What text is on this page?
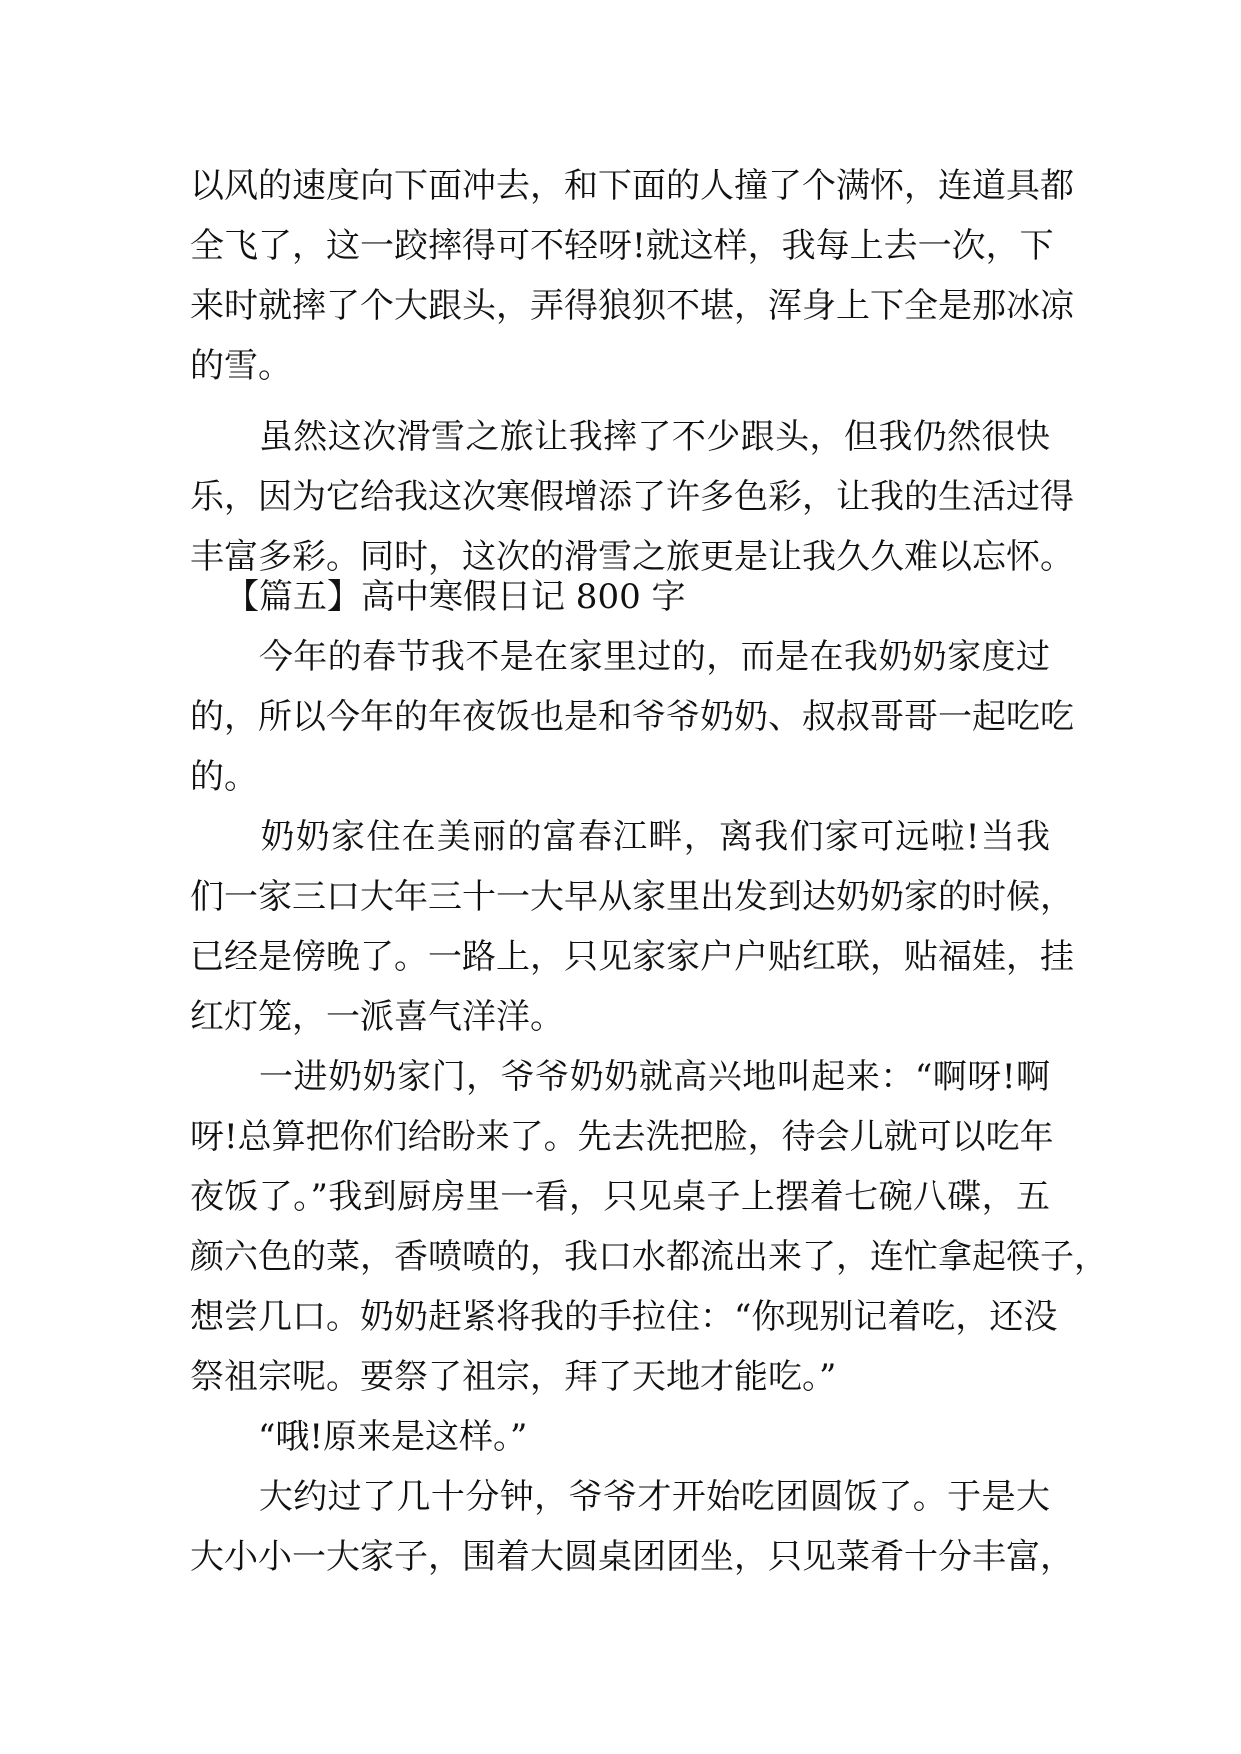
以风的速度向下面冲去，和下面的人撞了个满怀，连道具都
全飞了，这一跤摔得可不轻呀!就这样，我每上去一次，下
来时就摔了个大跟头，弄得狼狈不堪，浑身上下全是那冰凉
的雪。
　　虽然这次滑雪之旅让我摔了不少跟头，但我仍然很快
乐，因为它给我这次寒假增添了许多色彩，让我的生活过得
丰富多彩。同时，这次的滑雪之旅更是让我久久难以忘怀。
【篇五】高中寒假日记 800 字
　　今年的春节我不是在家里过的，而是在我奶奶家度过
的，所以今年的年夜饭也是和爷爷奶奶、叔叔哥哥一起吃吃
的。
　　奶奶家住在美丽的富春江畔，离我们家可远啦!当我
们一家三口大年三十一大早从家里出发到达奶奶家的时候，
已经是傍晚了。一路上，只见家家户户贴红联，贴福娃，挂
红灯笼，一派喜气洋洋。
　　一进奶奶家门，爷爷奶奶就高兴地叫起来：“啊呀!啊
呀!总算把你们给盼来了。先去洗把脸，待会儿就可以吃年
夜饭了。”我到厨房里一看，只见桌子上摆着七碗八碟，五
颜六色的菜，香喷喷的，我口水都流出来了，连忙拿起筷子，
想尝几口。奶奶赶紧将我的手拉住：“你现别记着吃，还没
祭祖宗呢。要祭了祖宗，拜了天地才能吃。”
　　“哦!原来是这样。”
　　大约过了几十分钟，爷爷才开始吃团圆饭了。于是大
大小小一大家子，围着大圆桌团团坐，只见菜肴十分丰富，
